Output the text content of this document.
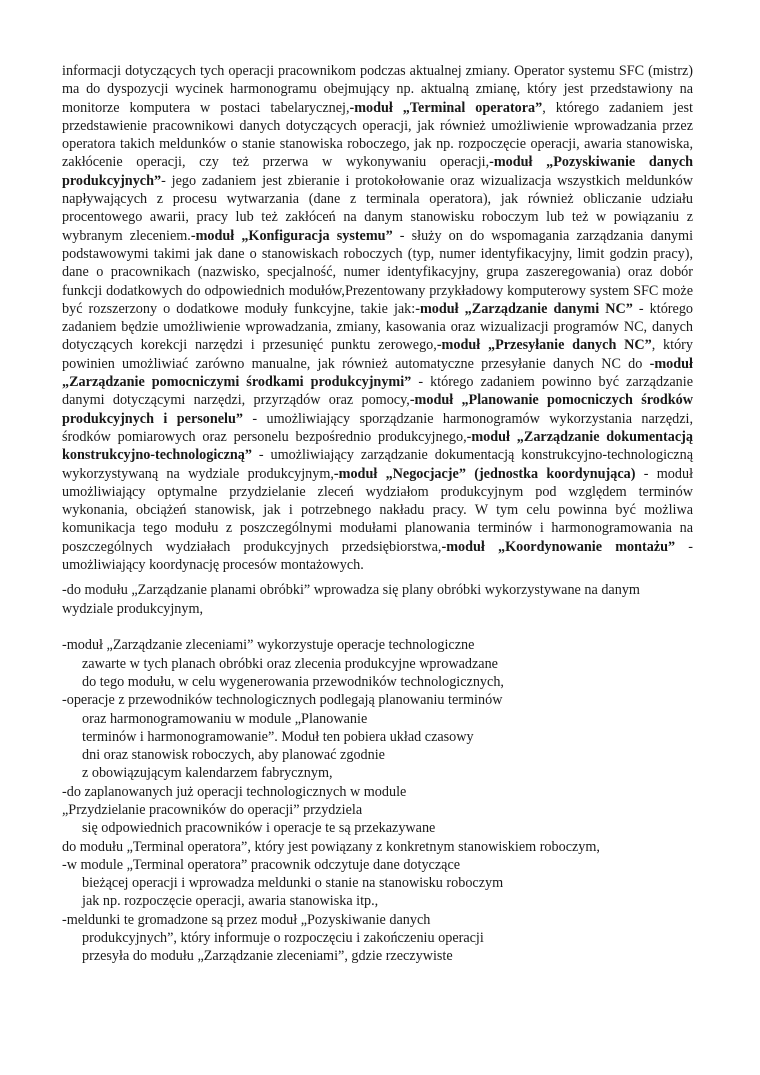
informacji dotyczących tych operacji pracownikom podczas aktualnej zmiany. Operator systemu SFC (mistrz) ma do dyspozycji wycinek harmonogramu obejmujący np. aktualną zmianę, który jest przedstawiony na monitorze komputera w postaci tabelarycznej,-moduł „Terminal operatora”, którego zadaniem jest przedstawienie pracownikowi danych dotyczących operacji, jak również umożliwienie wprowadzania przez operatora takich meldunków o stanie stanowiska roboczego, jak np. rozpoczęcie operacji, awaria stanowiska, zakłócenie operacji, czy też przerwa w wykonywaniu operacji,-moduł „Pozyskiwanie danych produkcyjnych”- jego zadaniem jest zbieranie i protokołowanie oraz wizualizacja wszystkich meldunków napływających z procesu wytwarzania (dane z terminala operatora), jak również obliczanie udziału procentowego awarii, pracy lub też zakłóceń na danym stanowisku roboczym lub też w powiązaniu z wybranym zleceniem.-moduł „Konfiguracja systemu” - służy on do wspomagania zarządzania danymi podstawowymi takimi jak dane o stanowiskach roboczych (typ, numer identyfikacyjny, limit godzin pracy), dane o pracownikach (nazwisko, specjalność, numer identyfikacyjny, grupa zaszeregowania) oraz dobór funkcji dodatkowych do odpowiednich modułów,Prezentowany przykładowy komputerowy system SFC może być rozszerzony o dodatkowe moduły funkcyjne, takie jak:-moduł „Zarządzanie danymi NC” - którego zadaniem będzie umożliwienie wprowadzania, zmiany, kasowania oraz wizualizacji programów NC, danych dotyczących korekcji narzędzi i przesunięć punktu zerowego,-moduł „Przesyłanie danych NC”, który powinien umożliwiać zarówno manualne, jak również automatyczne przesyłanie danych NC do -moduł „Zarządzanie pomocniczymi środkami produkcyjnymi” - którego zadaniem powinno być zarządzanie danymi dotyczącymi narzędzi, przyrządów oraz pomocy,-moduł „Planowanie pomocniczych środków produkcyjnych i personelu” - umożliwiający sporządzanie harmonogramów wykorzystania narzędzi, środków pomiarowych oraz personelu bezpośrednio produkcyjnego,-moduł „Zarządzanie dokumentacją konstrukcyjno-technologiczną” - umożliwiający zarządzanie dokumentacją konstrukcyjno-technologiczną wykorzystywaną na wydziale produkcyjnym,-moduł „Negocjacje” (jednostka koordynująca) - moduł umożliwiający optymalne przydzielanie zleceń wydziałom produkcyjnym pod względem terminów wykonania, obciążeń stanowisk, jak i potrzebnego nakładu pracy. W tym celu powinna być możliwa komunikacja tego modułu z poszczególnymi modułami planowania terminów i harmonogramowania na poszczególnych wydziałach produkcyjnych przedsiębiorstwa,-moduł „Koordynowanie montażu” - umożliwiający koordynację procesów montażowych.

-do modułu „Zarządzanie planami obróbki” wprowadza się plany obróbki wykorzystywane na danym wydziale produkcyjnym,

-moduł „Zarządzanie zleceniami” wykorzystuje operacje technologiczne
zawarte w tych planach obróbki oraz zlecenia produkcyjne wprowadzane
do tego modułu, w celu wygenerowania przewodników technologicznych,
-operacje z przewodników technologicznych podlegają planowaniu terminów
oraz harmonogramowaniu w module „Planowanie
terminów i harmonogramowanie”. Moduł ten pobiera układ czasowy
dni oraz stanowisk roboczych, aby planować zgodnie
z obowiązującym kalendarzem fabrycznym,
-do zaplanowanych już operacji technologicznych w module
„Przydzielanie pracowników do operacji” przydziela
się odpowiednich pracowników i operacje te są przekazywane
do modułu „Terminal operatora”, który jest powiązany z konkretnym stanowiskiem roboczym,
-w module „Terminal operatora” pracownik odczytuje dane dotyczące
bieżącej operacji i wprowadza meldunki o stanie na stanowisku roboczym
jak np. rozpoczęcie operacji, awaria stanowiska itp.,
-meldunki te gromadzone są przez moduł „Pozyskiwanie danych
produkcyjnych”, który informuje o rozpoczęciu i zakończeniu operacji
przesyła do modułu „Zarządzanie zleceniami”, gdzie rzeczywiste
